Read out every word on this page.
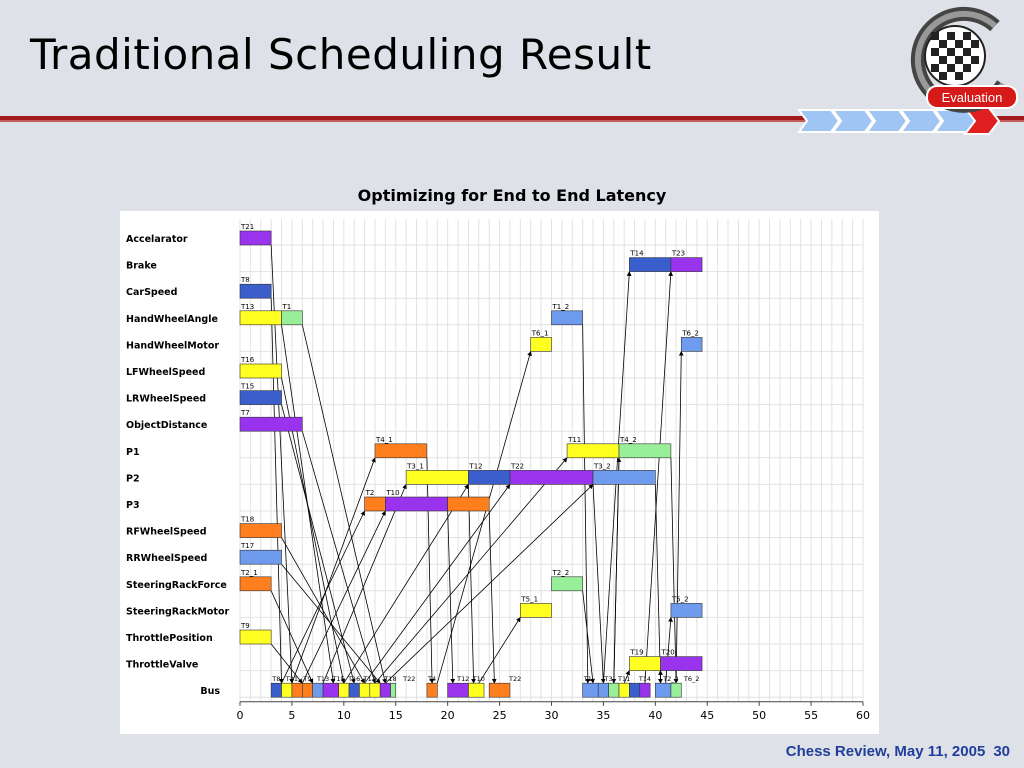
Traditional Scheduling Result
Evaluation
Optimizing for End to End Latency
Accelarator
Brake
CarSpeed
HandWheelAngle
HandWheelMotor
LFWheelSpeed
LRWheelSpeed
ObjectDistance
P1
P2
P3
RFWheelSpeed
RRWheelSpeed
SteeringRackForce
SteeringRackMotor
ThrottlePosition
ThrottleValve
Bus
0	5	10	15	20	25	30	35	40	45	50	55	60
T21
T14	T23
T8
T13	T1	T1_2
T6_1	T6_2
T16
T15
T7
T4_1	T11	T4_2
T3_1	T12	T22	T3_2
T2 T10
T18
T17
T2_1	T2_2
T5_1	T5_2
T9
T19	T20
T8 T21 T9 T13 T15 T16 T17 T18 T22 T4	T12 T10	T22	T1 T3 T11 T14 T2_2 T6_2
Chess Review, May 11, 2005 30
